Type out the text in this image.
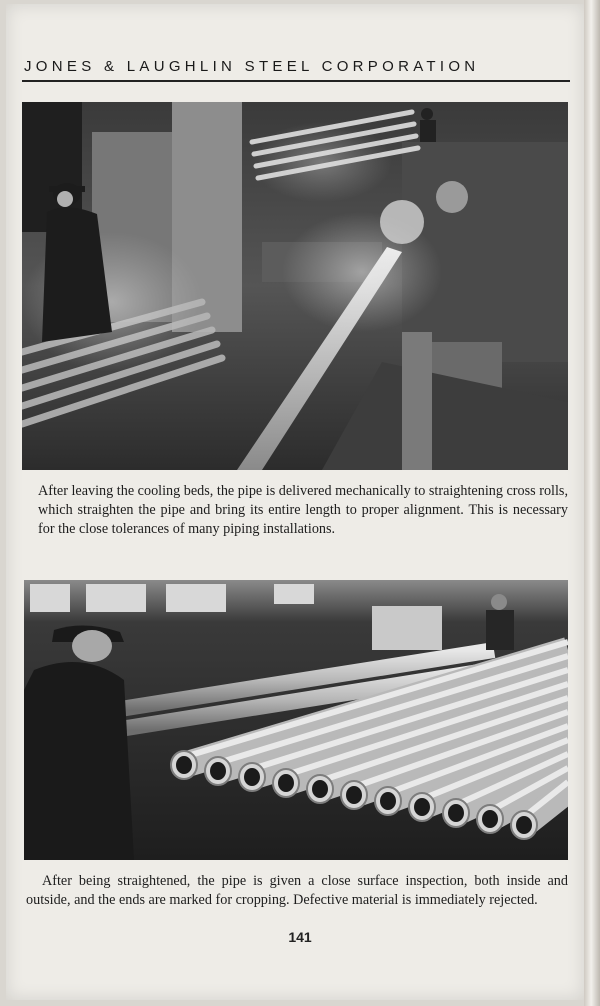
JONES & LAUGHLIN STEEL CORPORATION

After leaving the cooling beds, the pipe is delivered mechanically to straightening cross rolls, which straighten the pipe and bring its entire length to proper alignment. This is necessary for the close tolerances of many piping installations.

After being straightened, the pipe is given a close surface inspection, both inside and outside, and the ends are marked for cropping. Defective material is immediately rejected.

141
